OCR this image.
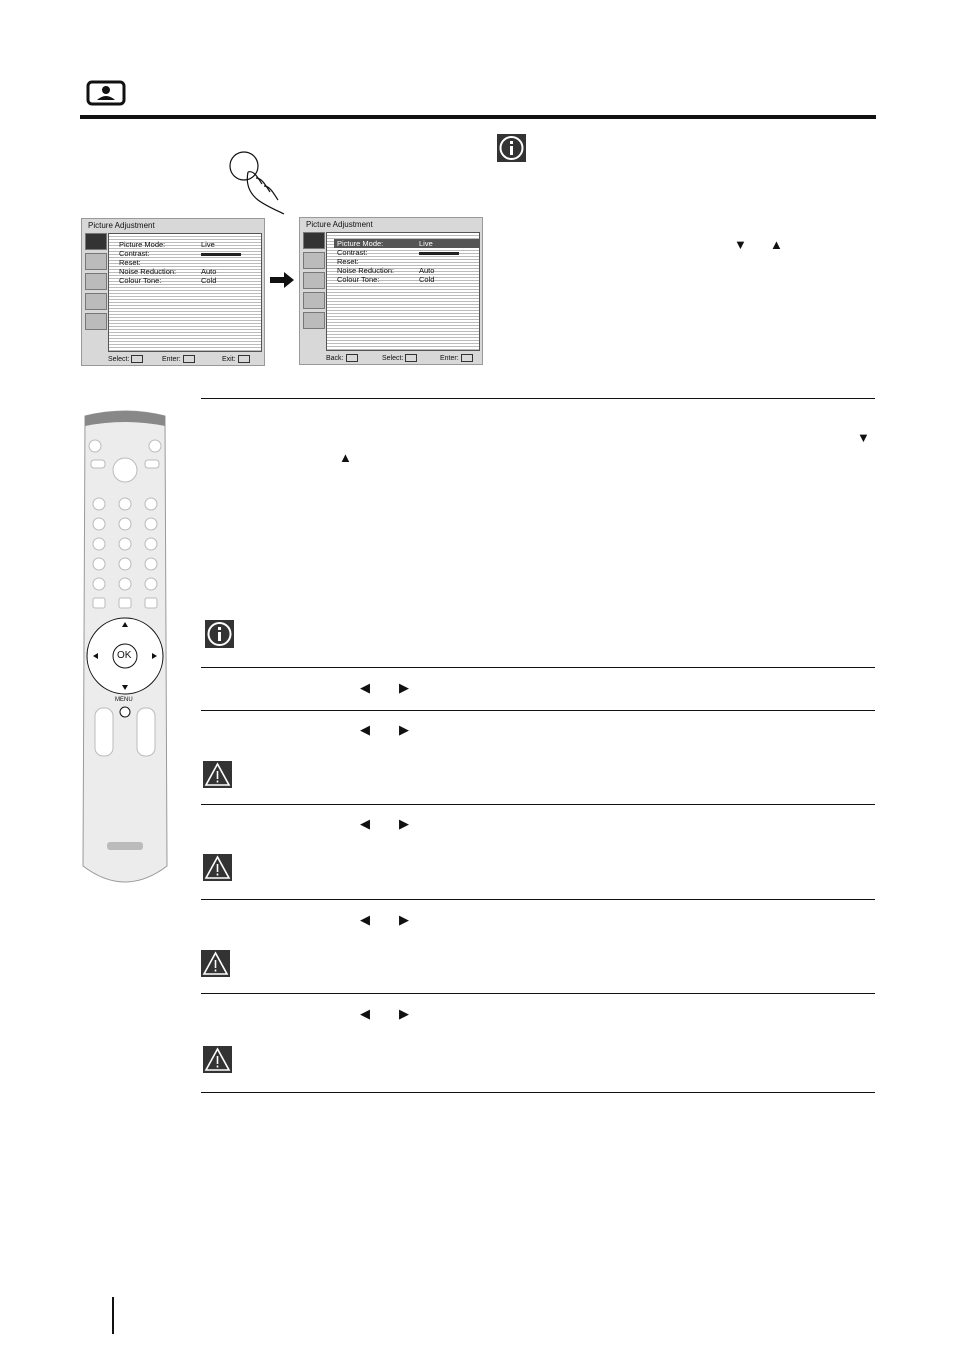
Picture Adjustment
Picture Mode:	Live
Contrast:
Reset:
Noise Reduction:	Auto
Colour Tone:	Cold
Select:	Enter:	Exit:
Picture Adjustment
Picture Mode:	Live
Contrast:
Reset:
Noise Reduction:	Auto
Colour Tone:	Cold
Back:	Select:	Enter:
▼ ▲
▼
▲
◀ ▶
◀ ▶
◀ ▶
◀ ▶
◀ ▶
OK
MENU
